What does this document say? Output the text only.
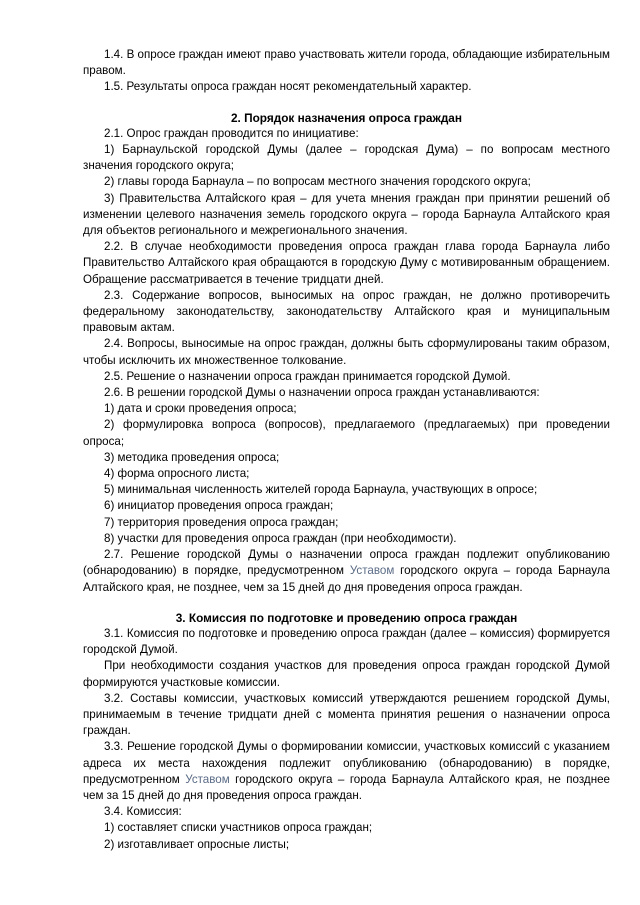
1.4. В опросе граждан имеют право участвовать жители города, обладающие избирательным правом.

1.5. Результаты опроса граждан носят рекомендательный характер.

2. Порядок назначения опроса граждан

2.1. Опрос граждан проводится по инициативе:

1) Барнаульской городской Думы (далее – городская Дума) – по вопросам местного значения городского округа;

2) главы города Барнаула – по вопросам местного значения городского округа;

3) Правительства Алтайского края – для учета мнения граждан при принятии решений об изменении целевого назначения земель городского округа – города Барнаула Алтайского края для объектов регионального и межрегионального значения.

2.2. В случае необходимости проведения опроса граждан глава города Барнаула либо Правительство Алтайского края обращаются в городскую Думу с мотивированным обращением. Обращение рассматривается в течение тридцати дней.

2.3. Содержание вопросов, выносимых на опрос граждан, не должно противоречить федеральному законодательству, законодательству Алтайского края и муниципальным правовым актам.

2.4. Вопросы, выносимые на опрос граждан, должны быть сформулированы таким образом, чтобы исключить их множественное толкование.

2.5. Решение о назначении опроса граждан принимается городской Думой.

2.6. В решении городской Думы о назначении опроса граждан устанавливаются:

1) дата и сроки проведения опроса;

2) формулировка вопроса (вопросов), предлагаемого (предлагаемых) при проведении опроса;

3) методика проведения опроса;

4) форма опросного листа;

5) минимальная численность жителей города Барнаула, участвующих в опросе;

6) инициатор проведения опроса граждан;

7) территория проведения опроса граждан;

8) участки для проведения опроса граждан (при необходимости).

2.7. Решение городской Думы о назначении опроса граждан подлежит опубликованию (обнародованию) в порядке, предусмотренном Уставом городского округа – города Барнаула Алтайского края, не позднее, чем за 15 дней до дня проведения опроса граждан.

3. Комиссия по подготовке и проведению опроса граждан

3.1. Комиссия по подготовке и проведению опроса граждан (далее – комиссия) формируется городской Думой.

При необходимости создания участков для проведения опроса граждан городской Думой формируются участковые комиссии.

3.2. Составы комиссии, участковых комиссий утверждаются решением городской Думы, принимаемым в течение тридцати дней с момента принятия решения о назначении опроса граждан.

3.3. Решение городской Думы о формировании комиссии, участковых комиссий с указанием адреса их места нахождения подлежит опубликованию (обнародованию) в порядке, предусмотренном Уставом городского округа – города Барнаула Алтайского края, не позднее чем за 15 дней до дня проведения опроса граждан.

3.4. Комиссия:

1) составляет списки участников опроса граждан;

2) изготавливает опросные листы;
